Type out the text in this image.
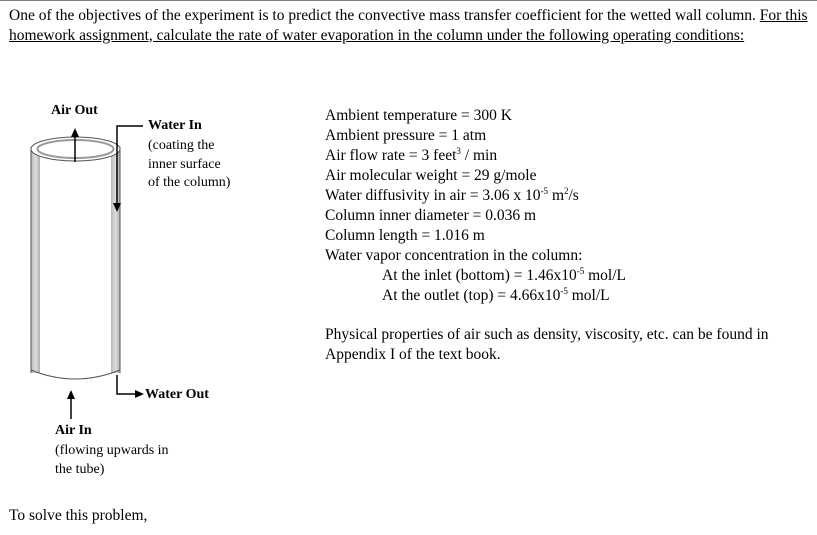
One of the objectives of the experiment is to predict the convective mass transfer coefficient for the wetted wall column. For this homework assignment, calculate the rate of water evaporation in the column under the following operating conditions:

Air Out
Water In
(coating the
inner surface
of the column)
Water Out
Air In
(flowing upwards in
the tube)
Ambient temperature = 300 K
Ambient pressure = 1 atm
Air flow rate = 3 feet$^3$ / min
Air molecular weight = 29 g/mole
Water diffusivity in air = 3.06 x $10^{-5}$ $m^2/s$
Column inner diameter = 0.036 m
Column length = 1.016 m
Water vapor concentration in the column:
At the inlet (bottom) = $1.46x10^{-5}$ mol/L
At the outlet $(top) = 4.66x10^{-5}$ mol/L
Physical properties of air such as density, viscosity, etc. can be found in Appendix I of the text book.
To solve this problem,
